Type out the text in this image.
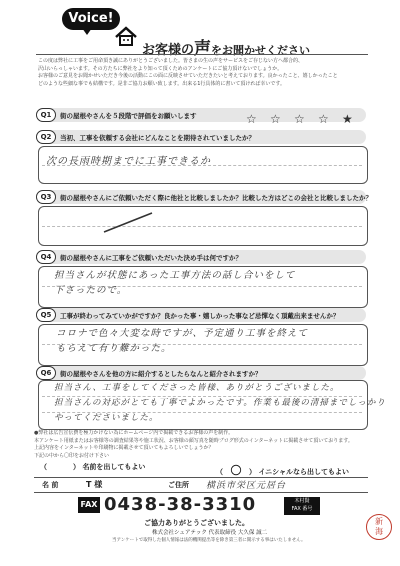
Voice!
お客様の声をお聞かせください
この度は弊社に工事をご用命頂き誠にありがとうございました。皆さまの生の声をサービスをご存じない方へ都合的、
沢山いらっしゃいます。その方たちに弊社をより知って頂くためのアンケートにご協力頂けないでしょうか。
お客様のご意見をお聞かせいただき今後の活動にこの面に反映させていただきたいと考えております。良かったこと、嬉しかったこと
どのような些細な事でも結構です。是非ご協力お願い致します。出来る1行具体的に書いて頂ければ幸いです。
Q1	街の屋根やさんを５段階で評価をお願いします	☆ ☆ ☆ ☆ ★
Q2	当初、工事を依頼する会社にどんなことを期待されていましたか？
次の長雨時期までに工事できるか
Q3	街の屋根やさんにご依頼いただく際に他社と比較しましたか？比較した方はどこの会社と比較しましたか？
Q4	街の屋根やさんに工事をご依頼いただいた決め手は何ですか？
担当さんが状態にあった工事方法の話し合いをして
下さったので。
Q5	工事が終わってみていかがですか？良かった事・嬉しかった事など忌憚なく頂戴出来ませんか？
コロナで色々大変な時ですが、予定通り工事を終えて
もらえて有り難かった。
Q6	街の屋根やさんを他の方に紹介するとしたらなんと紹介されますか？
担当さん、工事をしてくださった皆様、ありがとうございました。
担当さんの対応がとても丁寧でよかったです。作業も最後の清掃までしっかり
やってくださいました。
●弊社は広告宣伝費を極力かけない為にホームページ内で掲載できるお客様の声を制作。
本アンケート用紙またはお客様等の調査結果等や施工状況、お客様の顔写真を随時ブログ形式のインターネットに掲載させて頂いております。
上記内容をインターネットや印刷物に掲載させて頂いてもよろしいでしょうか？
下記の中から〇印をお付け下さい
（	） 名前を出してもよい
（ 〇 ） イニシャルなら出してもよい
名 前	T 様	ご住所 横浜市栄区元居台
FAX 0438-38-3310	木村賢
FAX 番号
ご協力ありがとうございました。
株式会社シェアテック 代表取締役 大久保 誠二
当アンケートで取得した個人情報は法的機関提出等を除き第三者に開示する事はいたしません。
新
海
